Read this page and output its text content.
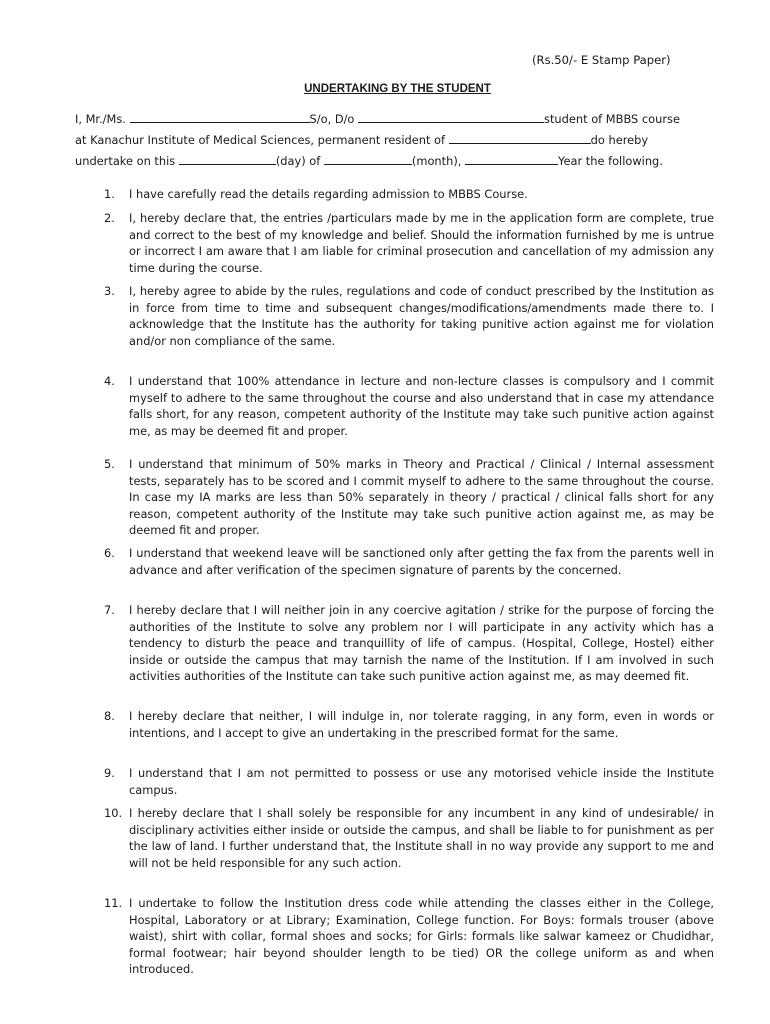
(Rs.50/- E Stamp Paper)
UNDERTAKING BY THE STUDENT
I, Mr./Ms.	S/o, D/o	student of MBBS course
at Kanachur Institute of Medical Sciences, permanent resident of	do hereby
undertake on this	(day) of	(month),	Year the following.
1.	I have carefully read the details regarding admission to MBBS Course.
2.	I, hereby declare that, the entries /particulars made by me in the application form are complete, true and correct to the best of my knowledge and belief. Should the information furnished by me is untrue or incorrect I am aware that I am liable for criminal prosecution and cancellation of my admission any time during the course.
3.	I, hereby agree to abide by the rules, regulations and code of conduct prescribed by the Institution as in force from time to time and subsequent changes/modifications/amendments made there to. I acknowledge that the Institute has the authority for taking punitive action against me for violation and/or non compliance of the same.
4.	I understand that 100% attendance in lecture and non-lecture classes is compulsory and I commit myself to adhere to the same throughout the course and also understand that in case my attendance falls short, for any reason, competent authority of the Institute may take such punitive action against me, as may be deemed fit and proper.
5.	I understand that minimum of 50% marks in Theory and Practical / Clinical / Internal assessment tests, separately has to be scored and I commit myself to adhere to the same throughout the course. In case my IA marks are less than 50% separately in theory / practical / clinical falls short for any reason, competent authority of the Institute may take such punitive action against me, as may be deemed fit and proper.
6.	I understand that weekend leave will be sanctioned only after getting the fax from the parents well in advance and after verification of the specimen signature of parents by the concerned.
7.	I hereby declare that I will neither join in any coercive agitation / strike for the purpose of forcing the authorities of the Institute to solve any problem nor I will participate in any activity which has a tendency to disturb the peace and tranquillity of life of campus. (Hospital, College, Hostel) either inside or outside the campus that may tarnish the name of the Institution. If I am involved in such activities authorities of the Institute can take such punitive action against me, as may deemed fit.
8.	I hereby declare that neither, I will indulge in, nor tolerate ragging, in any form, even in words or intentions, and I accept to give an undertaking in the prescribed format for the same.
9.	I understand that I am not permitted to possess or use any motorised vehicle inside the Institute campus.
10. I hereby declare that I shall solely be responsible for any incumbent in any kind of undesirable/ in disciplinary activities either inside or outside the campus, and shall be liable to for punishment as per the law of land. I further understand that, the Institute shall in no way provide any support to me and will not be held responsible for any such action.
11. I undertake to follow the Institution dress code while attending the classes either in the College, Hospital, Laboratory or at Library; Examination, College function. For Boys: formals trouser (above waist), shirt with collar, formal shoes and socks; for Girls: formals like salwar kameez or Chudidhar, formal footwear; hair beyond shoulder length to be tied) OR the college uniform as and when introduced.
